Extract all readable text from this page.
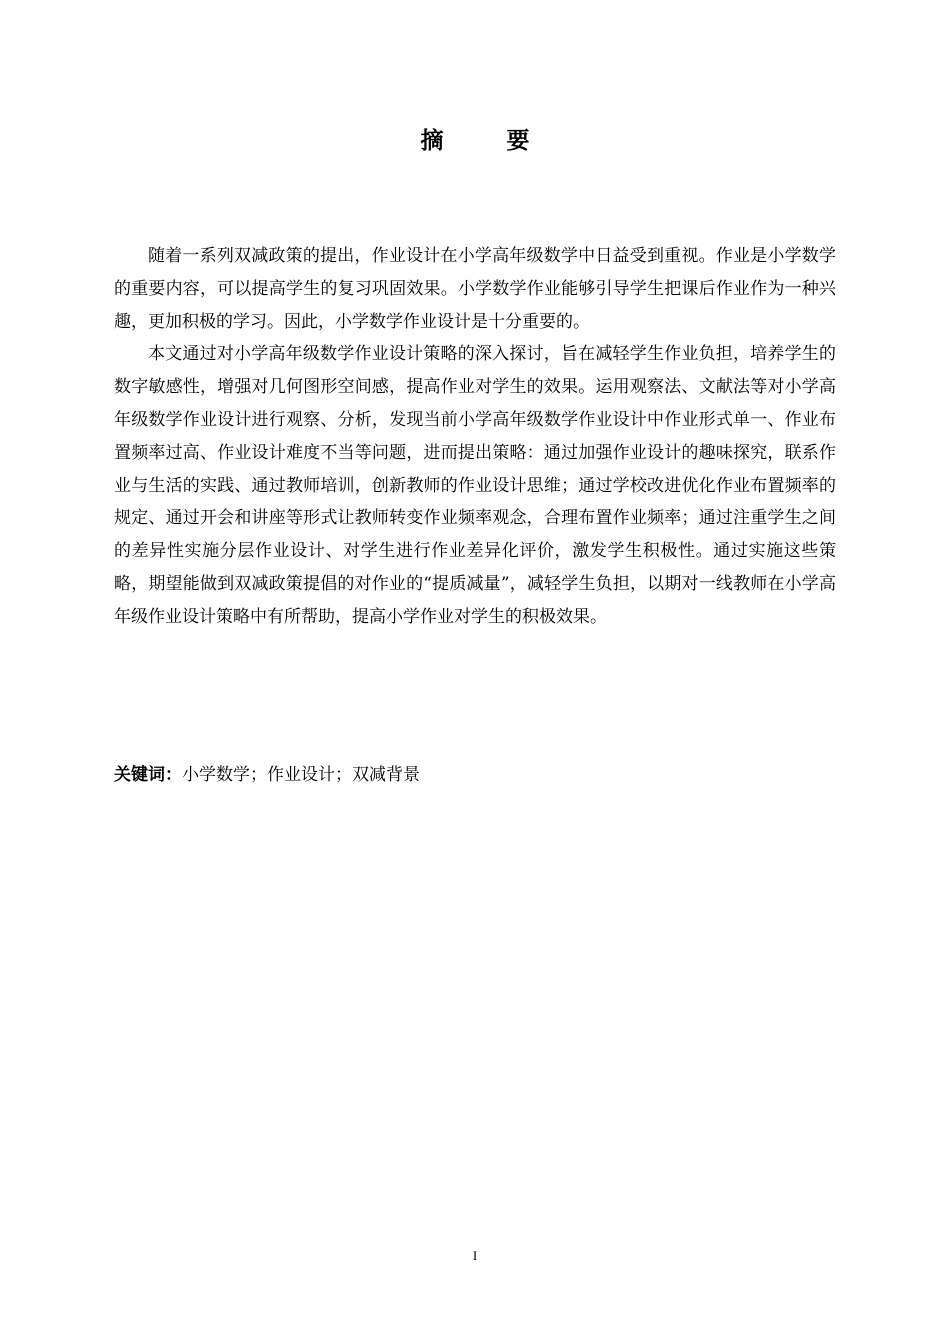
摘　要

随着一系列双减政策的提出，作业设计在小学高年级数学中日益受到重视。作业是小学数学的重要内容，可以提高学生的复习巩固效果。小学数学作业能够引导学生把课后作业作为一种兴趣，更加积极的学习。因此，小学数学作业设计是十分重要的。

本文通过对小学高年级数学作业设计策略的深入探讨，旨在减轻学生作业负担，培养学生的数字敏感性，增强对几何图形空间感，提高作业对学生的效果。运用观察法、文献法等对小学高年级数学作业设计进行观察、分析，发现当前小学高年级数学作业设计中作业形式单一、作业布置频率过高、作业设计难度不当等问题，进而提出策略：通过加强作业设计的趣味探究，联系作业与生活的实践、通过教师培训，创新教师的作业设计思维；通过学校改进优化作业布置频率的规定、通过开会和讲座等形式让教师转变作业频率观念，合理布置作业频率；通过注重学生之间的差异性实施分层作业设计、对学生进行作业差异化评价，激发学生积极性。通过实施这些策略，期望能做到双减政策提倡的对作业的“提质减量”，减轻学生负担，以期对一线教师在小学高年级作业设计策略中有所帮助，提高小学作业对学生的积极效果。

关键词：小学数学；作业设计；双减背景
I
